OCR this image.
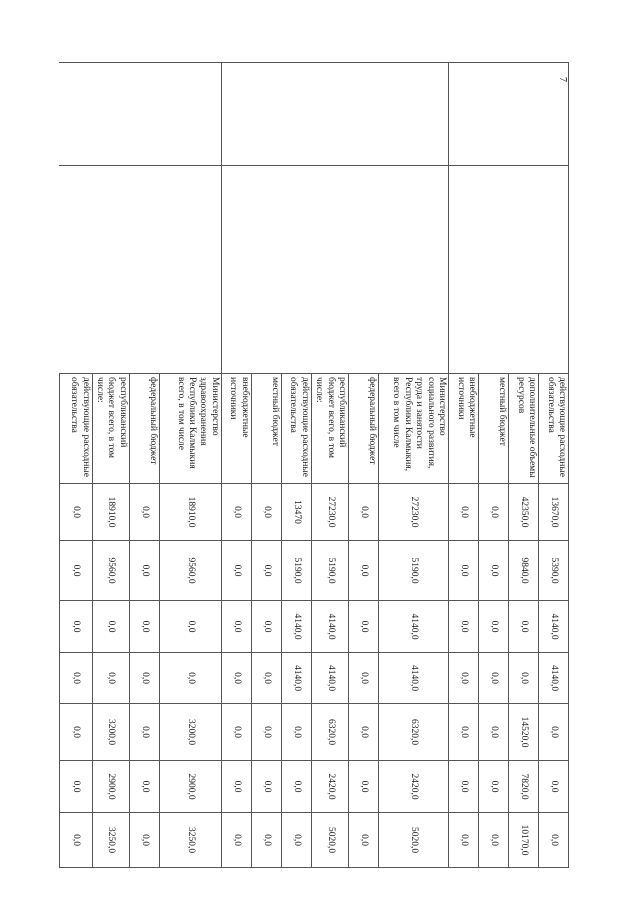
		действующие расходные обязательства	13670,0	5390,0	4140,0	4140,0	0,0	0,0	0,0
		дополнительные объемы ресурсов	42350,0	9840,0	0,0	0,0	14520,0	7820,0	10170,0
		местный бюджет	0,0	0,0	0,0	0,0	0,0	0,0	0,0
		внебюджетные источники	0,0	0,0	0,0	0,0	0,0	0,0	0,0
		Министерство социального развития, труда и занятости Республики Калмыкия, всего в том числе	27230,0	5190,0	4140,0	4140,0	6320,0	2420,0	5020,0
		федеральный бюджет	0,0	0,0	0,0	0,0	0,0	0,0	0,0
		республиканский бюджет всего, в том числе:	27230,0	5190,0	4140,0	4140,0	6320,0	2420,0	5020,0
		действующие расходные обязательства	13470	5190,0	4140,0	4140,0	0,0	0,0	0,0
		местный бюджет	0,0	0,0	0,0	0,0	0,0	0,0	0,0
		внебюджетные источники	0,0	0,0	0,0	0,0	0,0	0,0	0,0
		Министерство здравоохранения Республики Калмыкия всего, в том числе	18910,0	9560,0	0,0	0,0	3200,0	2900,0	3250,0
		федеральный бюджет	0,0	0,0	0,0	0,0	0,0	0,0	0,0
		республиканский бюджет всего, в том числе:	18910,0	9560,0	0,0	0,0	3200,0	2900,0	3250,0
		действующие расходные обязательства	0,0	0,0	0,0	0,0	0,0	0,0	0,0
7
